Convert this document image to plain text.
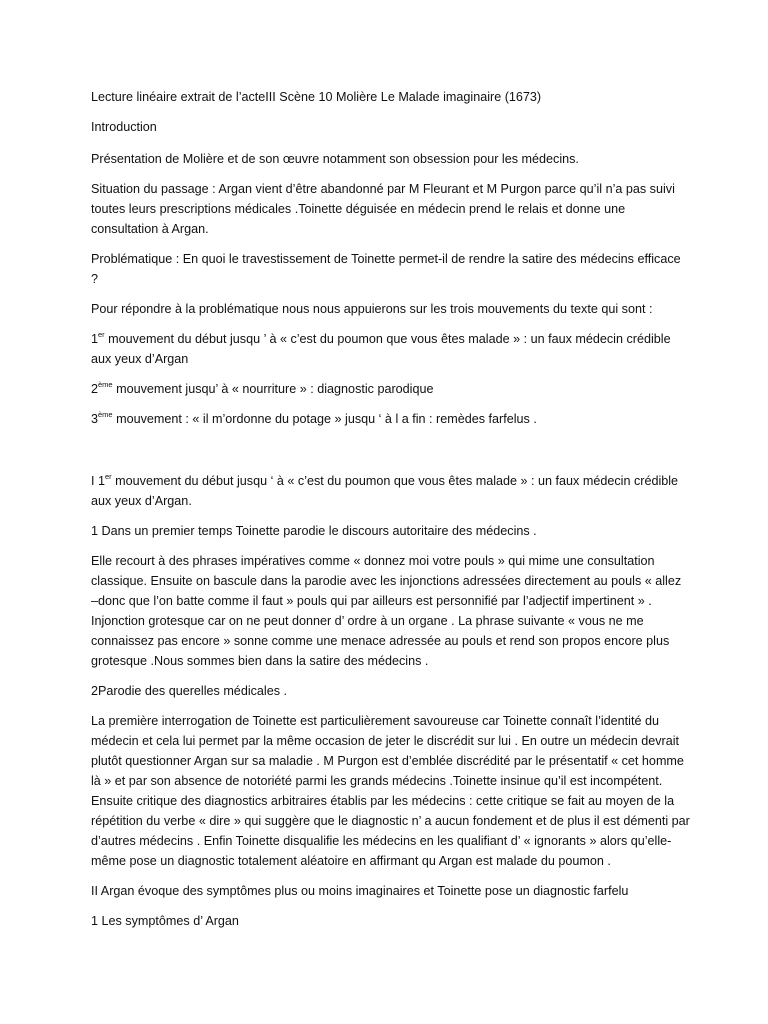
Lecture linéaire extrait de l’acteIII Scène 10 Molière Le Malade imaginaire (1673)

Introduction

Présentation de Molière et de son œuvre notamment son obsession pour les médecins.

Situation du passage : Argan vient d’être abandonné par M Fleurant et M Purgon parce qu’il n’a pas suivi toutes leurs prescriptions médicales .Toinette déguisée en médecin prend le relais et donne une consultation à Argan.

Problématique : En quoi le travestissement de Toinette permet-il de rendre la satire des médecins efficace ?

Pour répondre à la problématique nous nous appuierons sur les trois mouvements du texte qui sont :

1er mouvement du début jusqu ’ à « c’est du poumon que vous êtes malade » : un faux médecin crédible aux yeux d’Argan

2ème mouvement jusqu’ à « nourriture » : diagnostic parodique

3ème mouvement : « il m’ordonne du potage » jusqu ‘ à l a fin : remèdes farfelus .

I 1er mouvement du début jusqu ‘ à « c’est du poumon que vous êtes malade » : un faux médecin crédible aux yeux d’Argan.

1 Dans un premier temps Toinette parodie le discours autoritaire des médecins .

Elle recourt à des phrases impératives comme « donnez moi votre pouls » qui mime une consultation classique. Ensuite on bascule dans la parodie avec les injonctions adressées directement au pouls « allez –donc que l’on batte comme il faut » pouls qui par ailleurs est personnifié par l’adjectif impertinent » . Injonction grotesque car on ne peut donner d’ ordre à un organe . La phrase suivante « vous ne me connaissez pas encore » sonne comme une menace adressée au pouls et rend son propos encore plus grotesque .Nous sommes bien dans la satire des médecins .

2Parodie des querelles médicales .

La première interrogation de Toinette est particulièrement savoureuse car Toinette connaît l’identité du médecin et cela lui permet par la même occasion de jeter le discrédit sur lui . En outre un médecin devrait plutôt questionner Argan sur sa maladie . M Purgon est d’emblée discrédité par le présentatif « cet homme là » et par son absence de notoriété parmi les grands médecins .Toinette insinue qu’il est incompétent. Ensuite critique des diagnostics arbitraires établis par les médecins : cette critique se fait au moyen de la répétition du verbe « dire » qui suggère que le diagnostic n’ a aucun fondement et de plus il est démenti par d’autres médecins . Enfin Toinette disqualifie les médecins en les qualifiant d’ « ignorants » alors qu’elle-même pose un diagnostic totalement aléatoire en affirmant qu Argan est malade du poumon .

II Argan évoque des symptômes plus ou moins imaginaires et Toinette pose un diagnostic farfelu

1 Les symptômes d’ Argan
